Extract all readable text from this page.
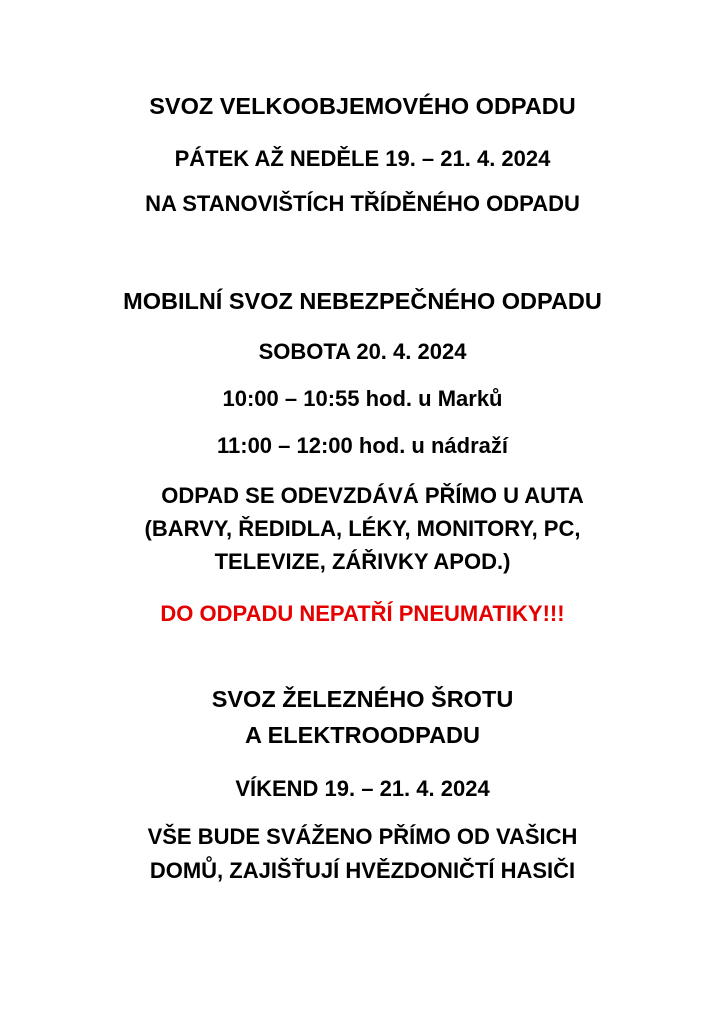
SVOZ VELKOOBJEMOVÉHO ODPADU
PÁTEK AŽ NEDĚLE 19. – 21. 4. 2024
NA STANOVIŠTÍCH TŘÍDĚNÉHO ODPADU
MOBILNÍ SVOZ NEBEZPEČNÉHO ODPADU
SOBOTA 20. 4. 2024
10:00 – 10:55 hod. u Marků
11:00 – 12:00 hod. u nádraží
ODPAD SE ODEVZDÁVÁ PŘÍMO U AUTA
(BARVY, ŘEDIDLA, LÉKY, MONITORY, PC,
TELEVIZE, ZÁŘIVKY APOD.)
DO ODPADU NEPATŘÍ PNEUMATIKY!!!
SVOZ ŽELEZNÉHO ŠROTU
A ELEKTROODPADU
VÍKEND 19. – 21. 4. 2024
VŠE BUDE SVÁŽENO PŘÍMO OD VAŠICH
DOMŮ, ZAJIŠŤUJÍ HVĚZDONIČTÍ HASIČI
